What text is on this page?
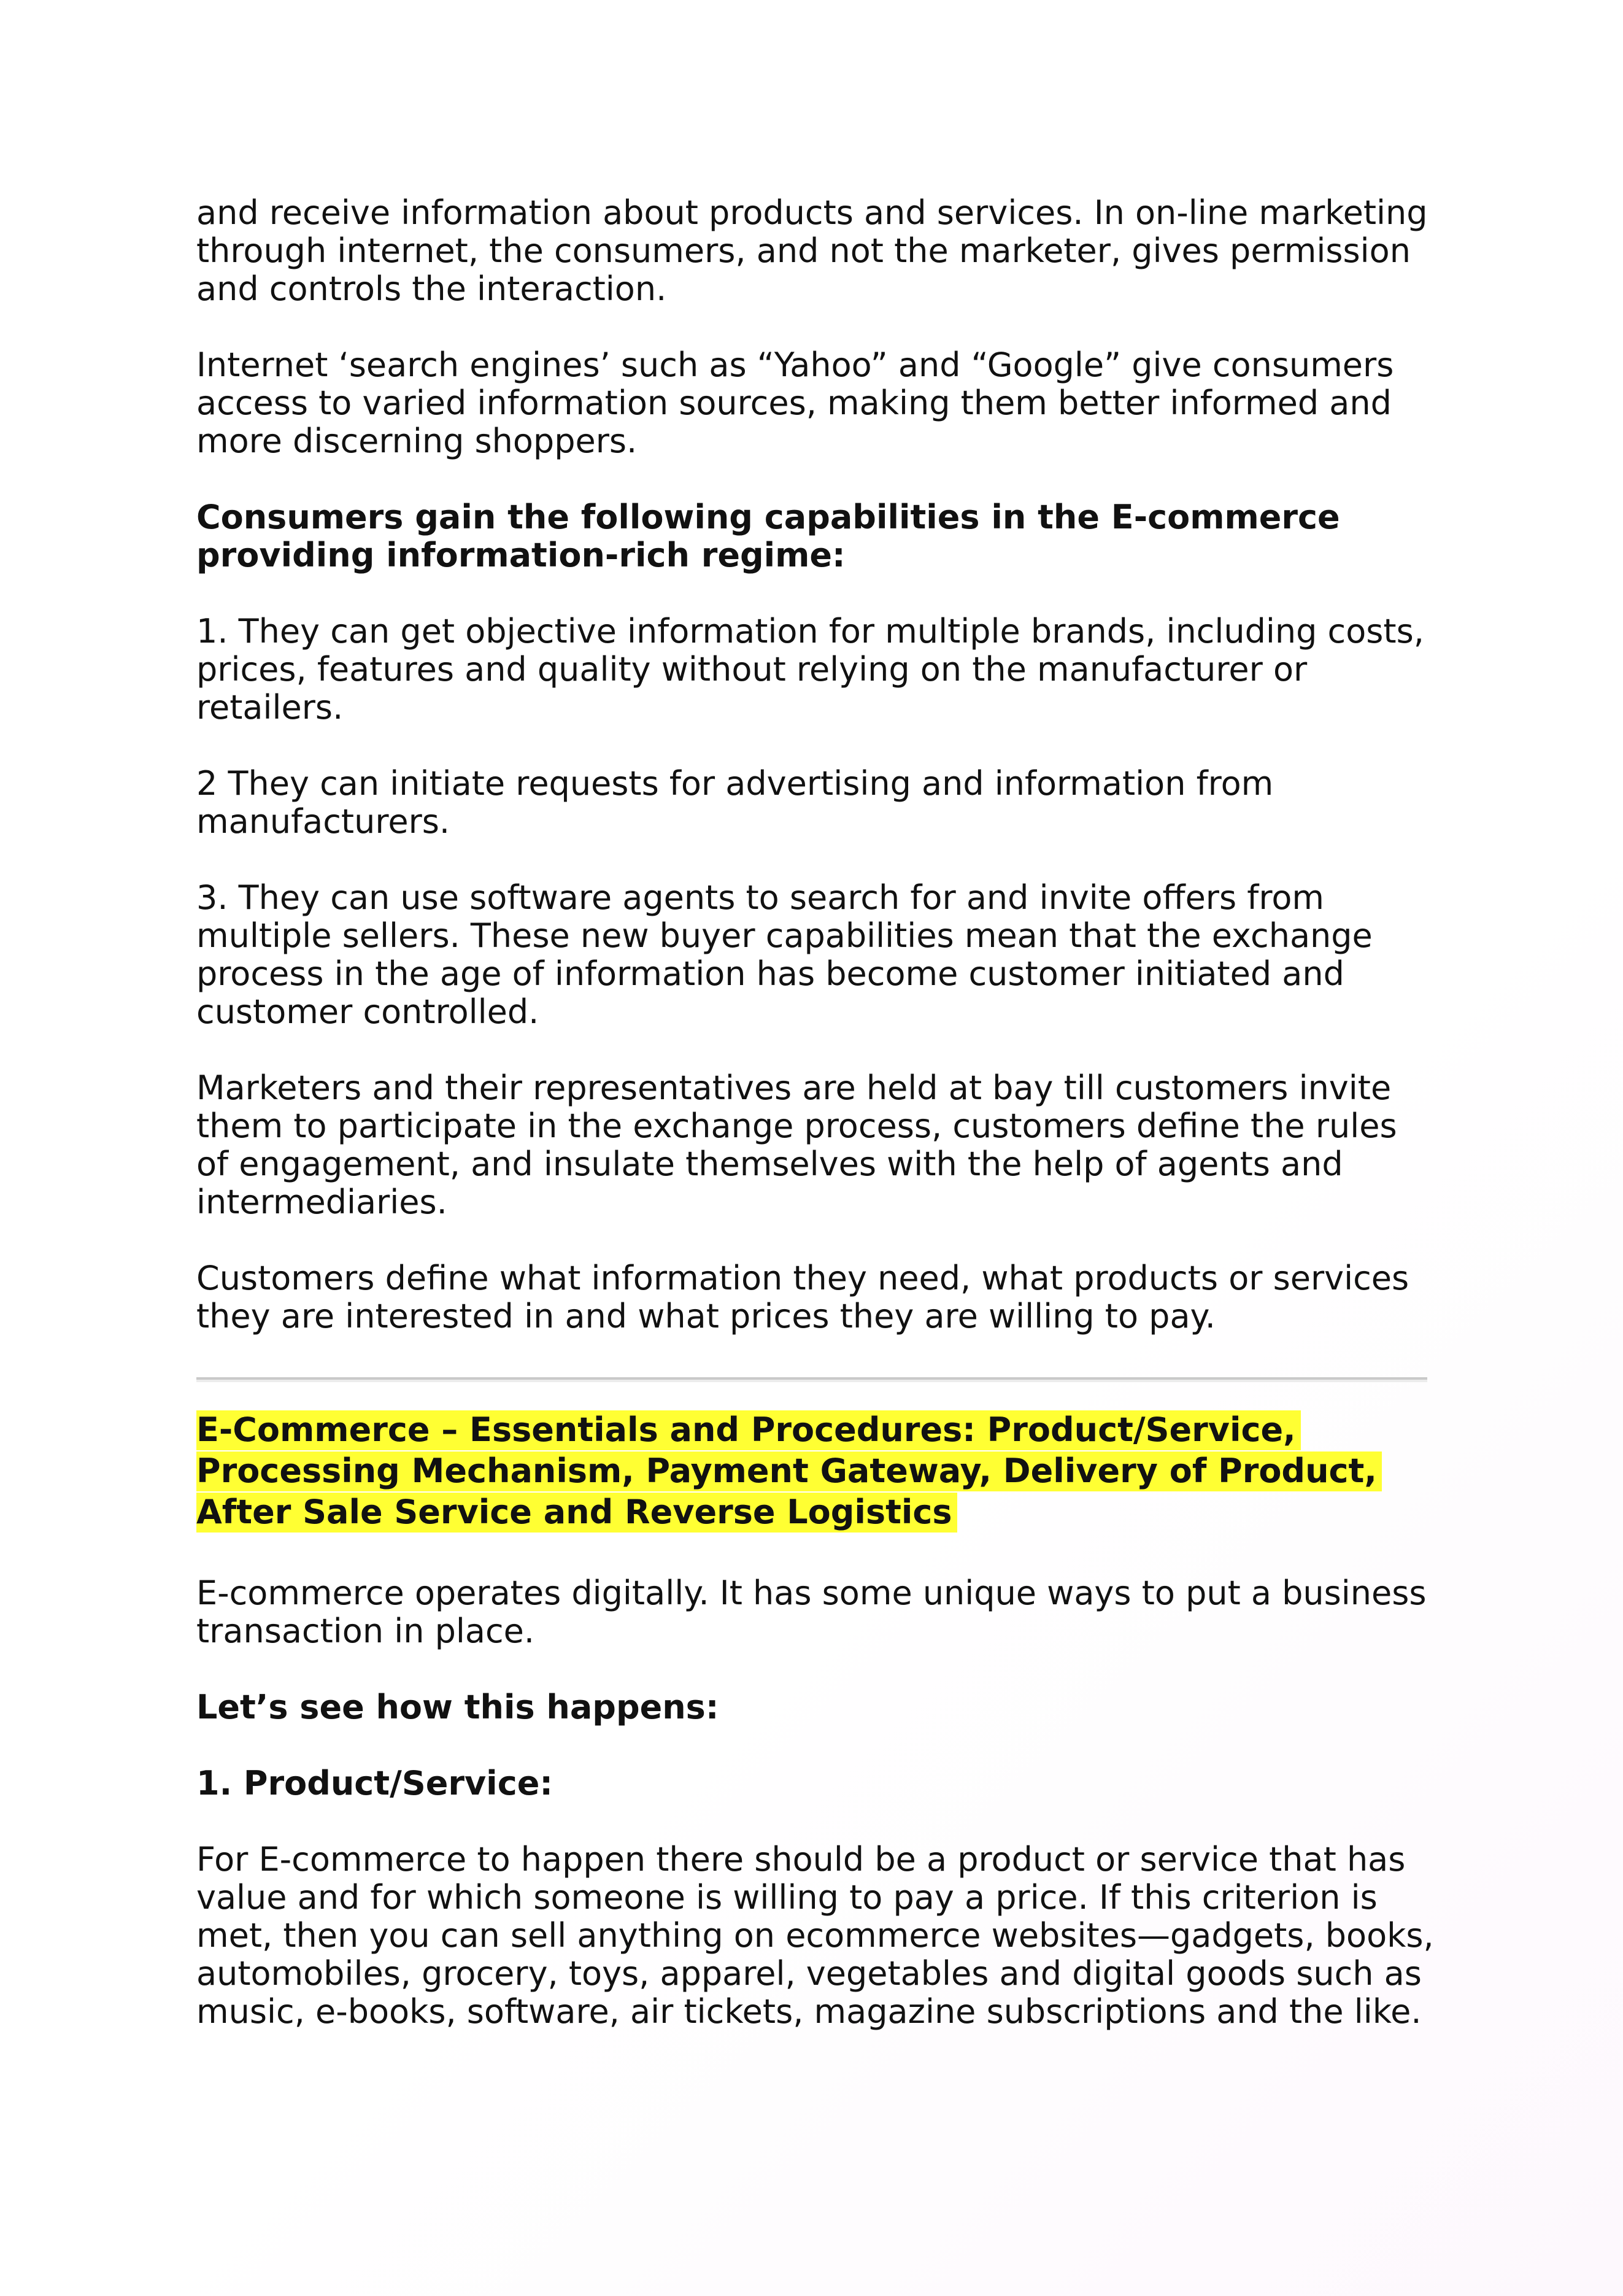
and receive information about products and services. In on-line marketing through internet, the consumers, and not the marketer, gives permission and controls the interaction.

Internet ‘search engines’ such as “Yahoo” and “Google” give consumers access to varied information sources, making them better informed and more discerning shoppers.

Consumers gain the following capabilities in the E-commerce providing information-rich regime:

1. They can get objective information for multiple brands, including costs, prices, features and quality without relying on the manufacturer or retailers.

2 They can initiate requests for advertising and information from manufacturers.

3. They can use software agents to search for and invite offers from multiple sellers. These new buyer capabilities mean that the exchange process in the age of information has become customer initiated and customer controlled.

Marketers and their representatives are held at bay till customers invite them to participate in the exchange process, customers define the rules of engagement, and insulate themselves with the help of agents and intermediaries.

Customers define what information they need, what products or services they are interested in and what prices they are willing to pay.

E-Commerce – Essentials and Procedures: Product/Service,
Processing Mechanism, Payment Gateway, Delivery of Product,
After Sale Service and Reverse Logistics

E-commerce operates digitally. It has some unique ways to put a business transaction in place.

Let’s see how this happens:

1. Product/Service:

For E-commerce to happen there should be a product or service that has value and for which someone is willing to pay a price. If this criterion is met, then you can sell anything on ecommerce websites—gadgets, books, automobiles, grocery, toys, apparel, vegetables and digital goods such as music, e-books, software, air tickets, magazine subscriptions and the like.
